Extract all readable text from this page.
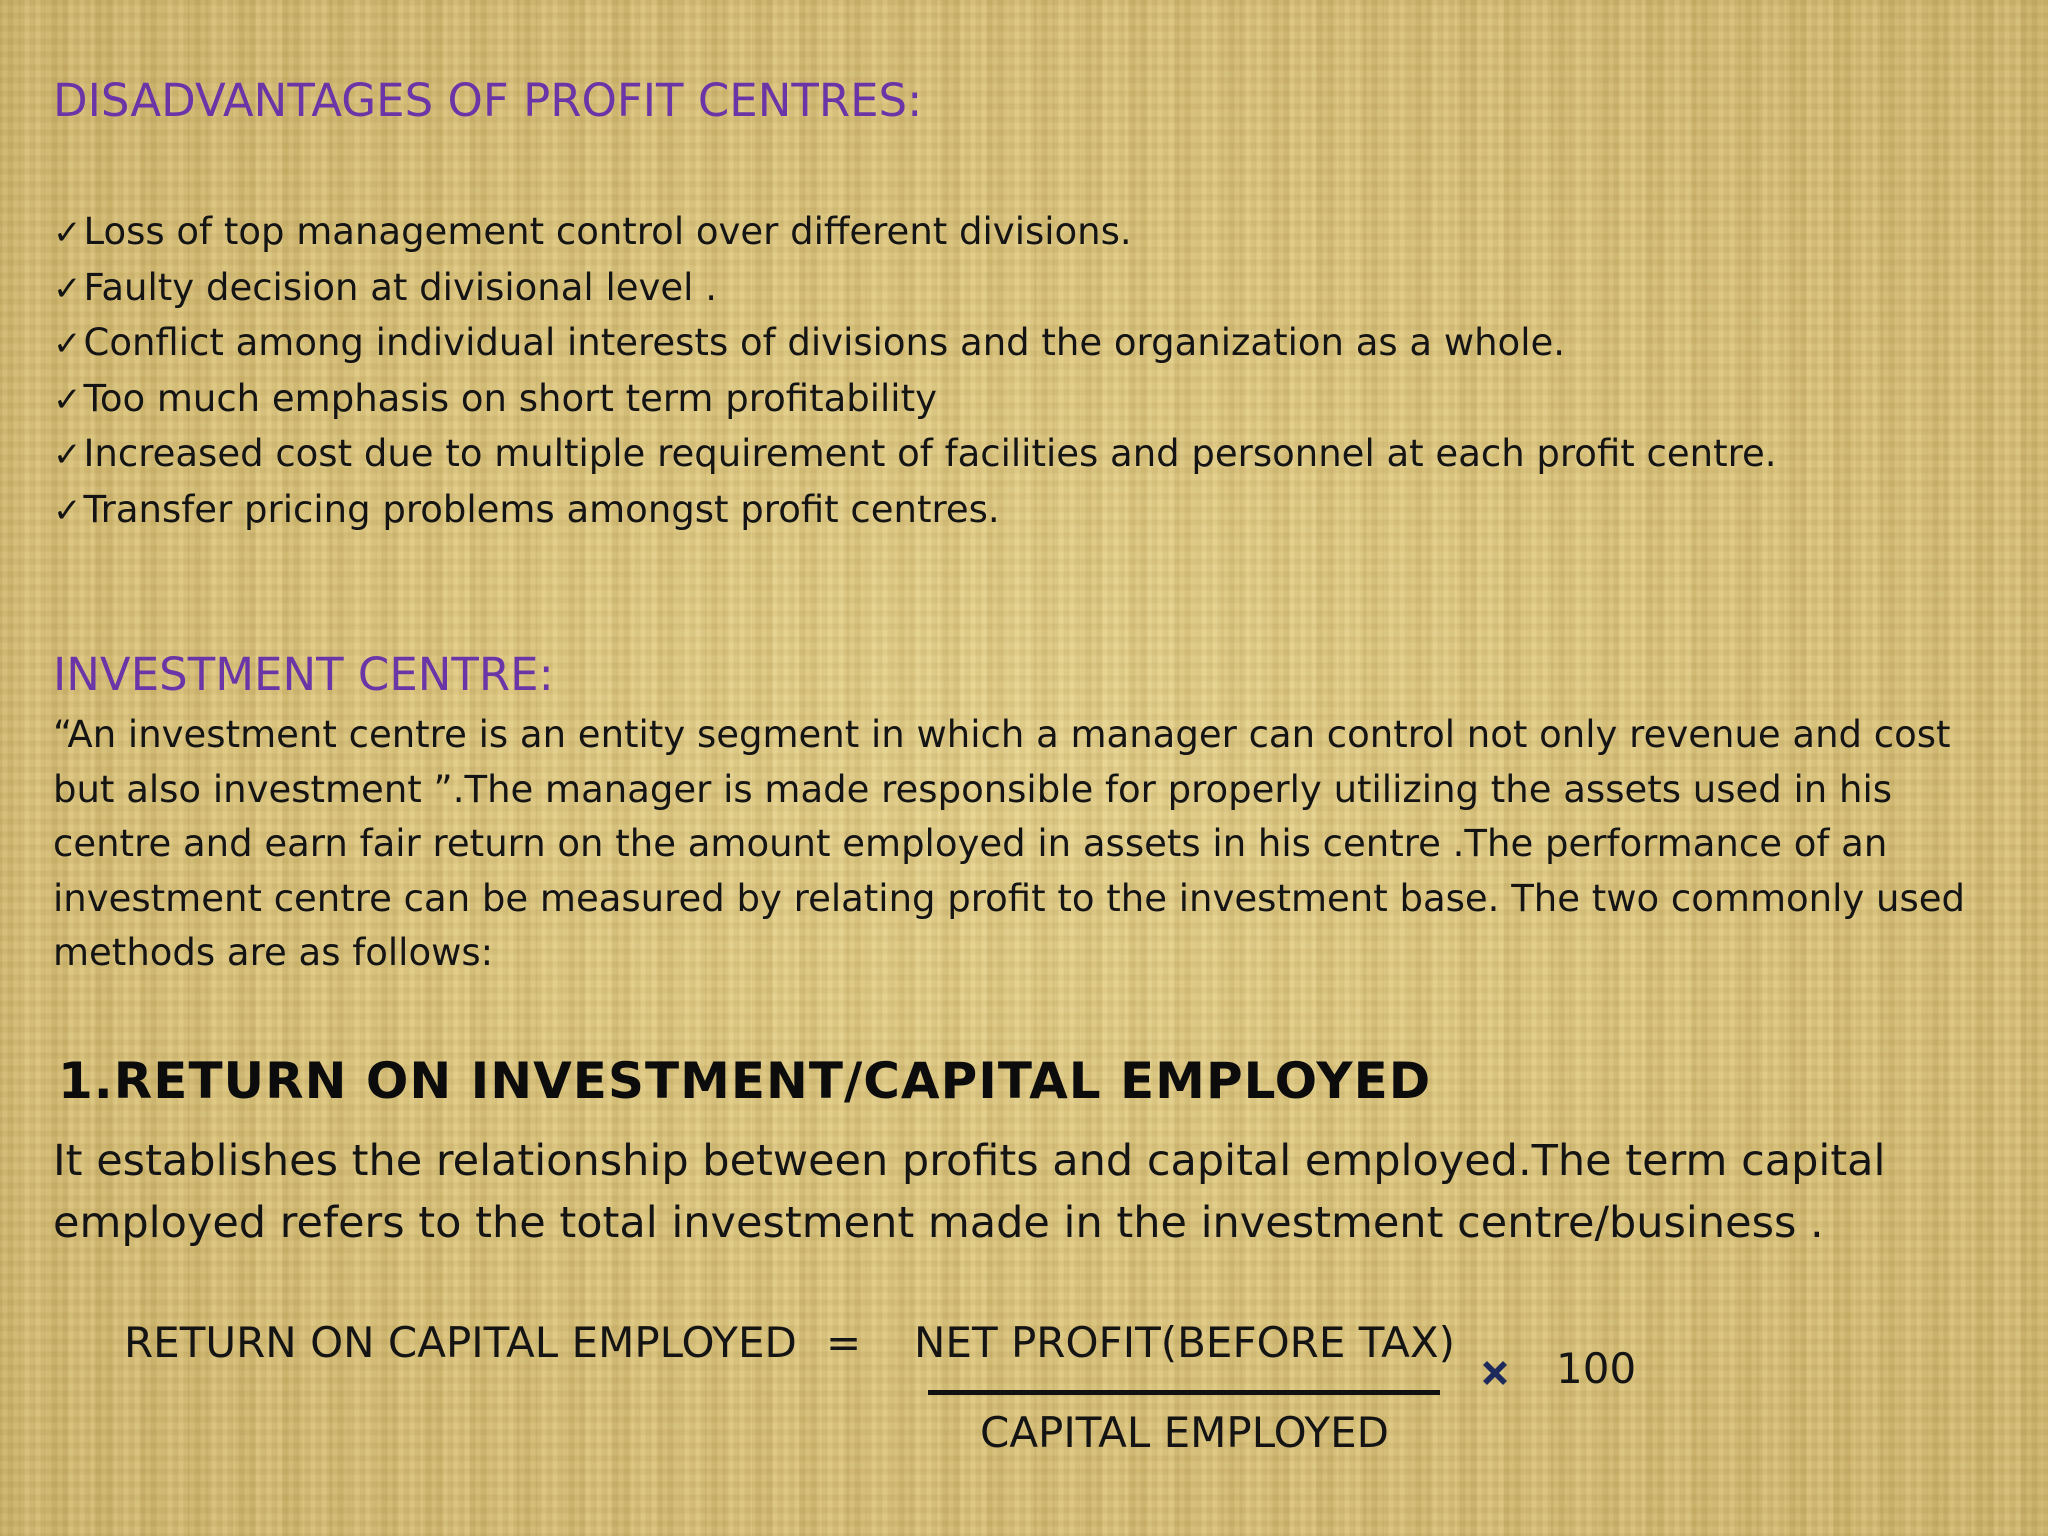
DISADVANTAGES OF PROFIT CENTRES:
✓ Loss of top management control over different divisions.
✓ Faulty decision at divisional level .
✓ Conflict among individual interests of divisions and the organization as a whole.
✓ Too much emphasis on short term profitability
✓ Increased cost due to multiple requirement of facilities and personnel at each profit centre.
✓ Transfer pricing problems amongst profit centres.
INVESTMENT CENTRE:

“An investment centre is an entity segment in which a manager can control not only revenue and cost but also investment ”.The manager is made responsible for properly utilizing the assets used in his centre and earn fair return on the amount employed in assets in his centre .The performance of an investment centre can be measured by relating profit to the investment base. The two commonly used methods are as follows:

1.RETURN ON INVESTMENT/CAPITAL EMPLOYED

It establishes the relationship between profits and capital employed.The term capital employed refers to the total investment made in the investment centre/business .

RETURN ON CAPITAL EMPLOYED = NET PROFIT(BEFORE TAX)
CAPITAL EMPLOYED
100
